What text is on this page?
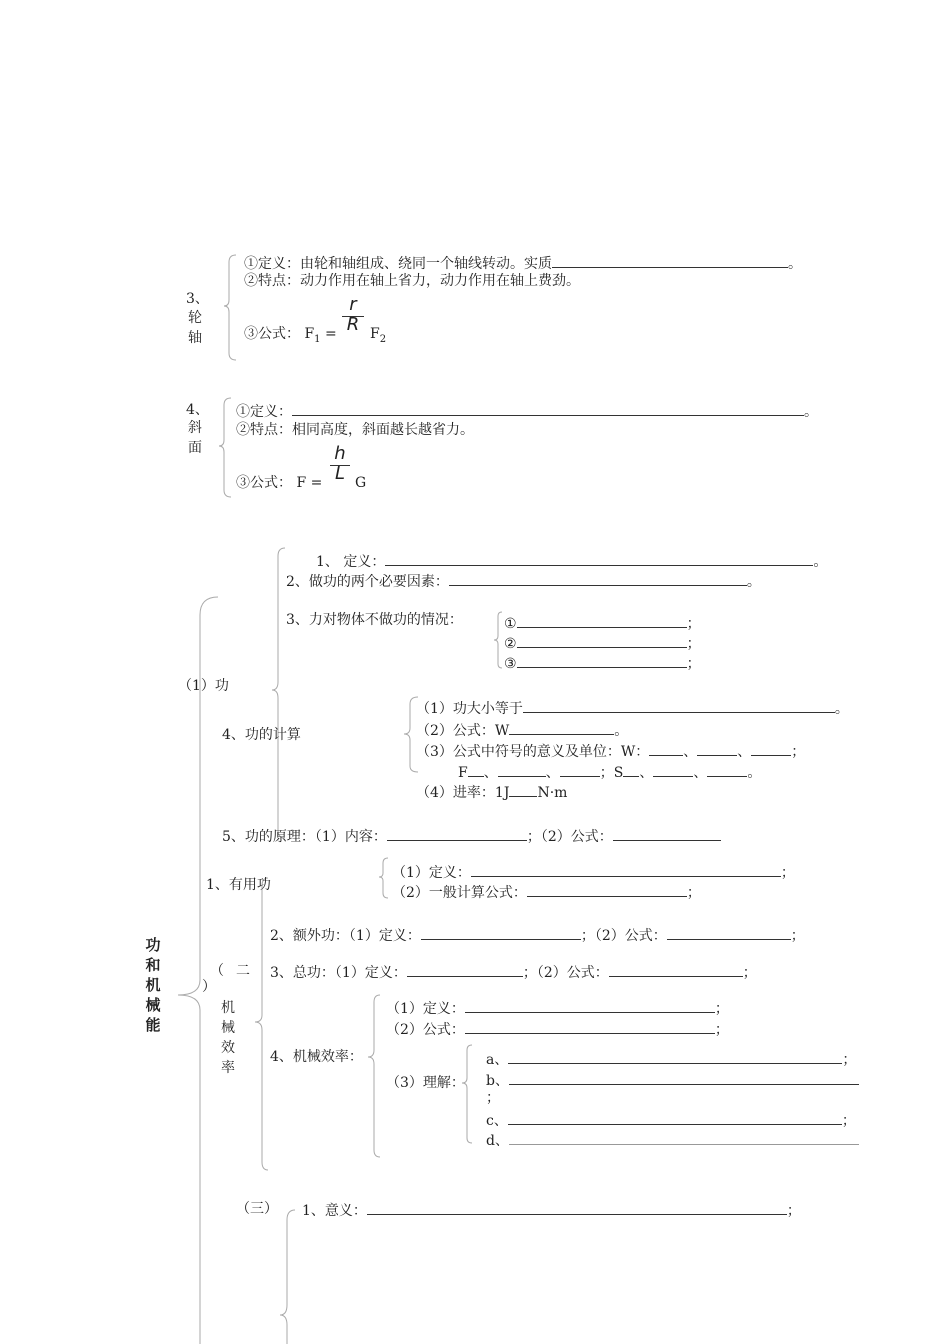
3、
轮
轴
①定义：由轮和轴组成、绕同一个轴线转动。实质	。
②特点：动力作用在轴上省力，动力作用在轴上费劲。
③公式： $F_1$ =
r
R $F_2$
4、
斜
面
①定义：	。
②特点：相同高度，斜面越长越省力。
③公式： F =
h
L G
功
和
机
械
能
（1）功
1、 定义：	。
2、做功的两个必要因素：	。
3、力对物体不做功的情况：	①	；
②	；
③	；
4、功的计算
（1）功大小等于	。
（2）公式：W	。
（3）公式中符号的意义及单位：W： 、	、	；
F 、	、	；S 、	、	。
（4）进率：1J N·m
5、功的原理：（1）内容：	；（2）公式：
（ 二
）
机
械
效
率
1、有用功
（1）定义：	；
（2）一般计算公式：	；
2、额外功：（1）定义：	；（2）公式：	；
3、总功：（1）定义：	；（2）公式：	；
4、机械效率：
（1）定义：	；
（2）公式：	；
（3）理解：
a、	；
b、
；
c、	；
d、
（三） 1、意义：	；
